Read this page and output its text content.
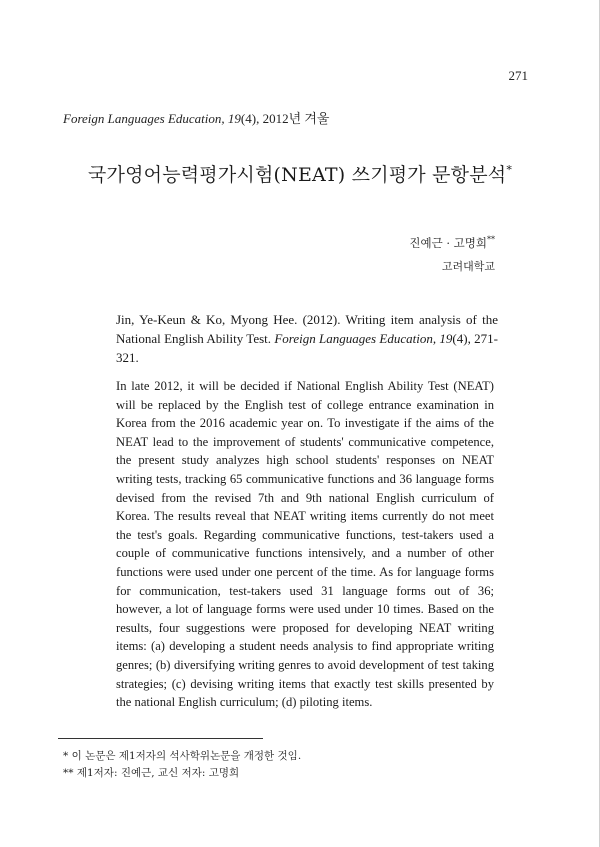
271
Foreign Languages Education, 19(4), 2012년 겨울
국가영어능력평가시험(NEAT) 쓰기평가 문항분석*
진예근 · 고명희**
고려대학교
Jin, Ye-Keun & Ko, Myong Hee. (2012). Writing item analysis of the National English Ability Test. Foreign Languages Education, 19(4), 271-321.

In late 2012, it will be decided if National English Ability Test (NEAT) will be replaced by the English test of college entrance examination in Korea from the 2016 academic year on. To investigate if the aims of the NEAT lead to the improvement of students' communicative competence, the present study analyzes high school students' responses on NEAT writing tests, tracking 65 communicative functions and 36 language forms devised from the revised 7th and 9th national English curriculum of Korea. The results reveal that NEAT writing items currently do not meet the test's goals. Regarding communicative functions, test-takers used a couple of communicative functions intensively, and a number of other functions were used under one percent of the time. As for language forms for communication, test-takers used 31 language forms out of 36; however, a lot of language forms were used under 10 times. Based on the results, four suggestions were proposed for developing NEAT writing items: (a) developing a student needs analysis to find appropriate writing genres; (b) diversifying writing genres to avoid development of test taking strategies; (c) devising writing items that exactly test skills presented by the national English curriculum; (d) piloting items.

* 이 논문은 제1저자의 석사학위논문을 개정한 것임.
** 제1저자: 진예근, 교신 저자: 고명희
